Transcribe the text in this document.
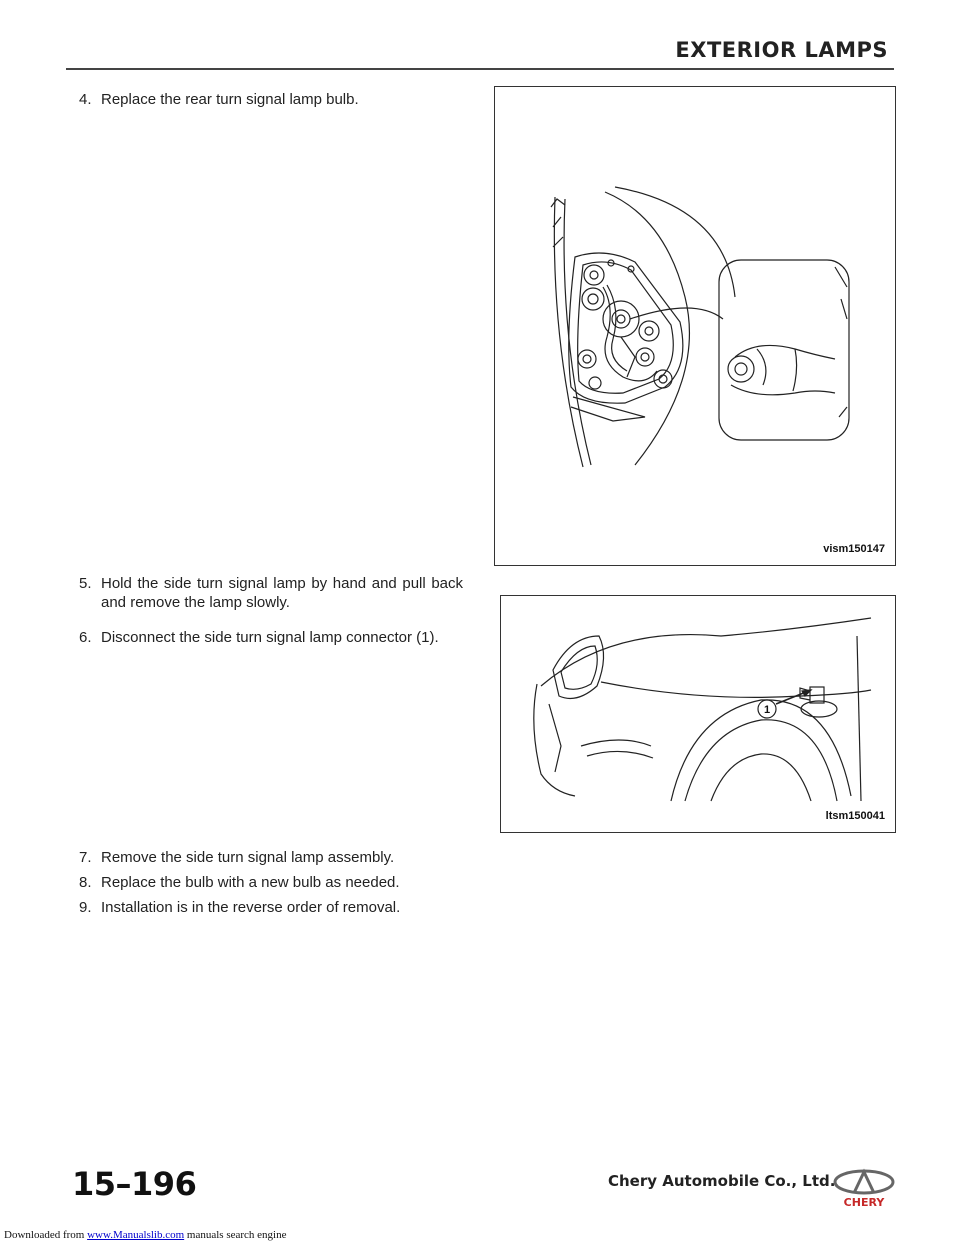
EXTERIOR LAMPS
4. Replace the rear turn signal lamp bulb.
5. Hold the side turn signal lamp by hand and pull back and remove the lamp slowly.
6. Disconnect the side turn signal lamp connector (1).
7. Remove the side turn signal lamp assembly.
8. Replace the bulb with a new bulb as needed.
9. Installation is in the reverse order of removal.
vism150147
1
ltsm150041
15–196	Chery Automobile Co., Ltd.
CHERY
Downloaded from www.Manualslib.com manuals search engine
